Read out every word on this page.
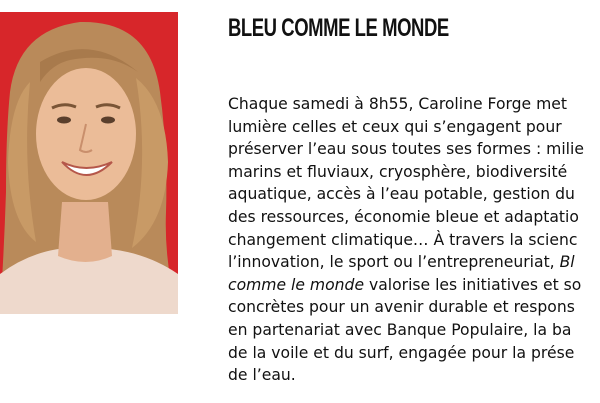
BLEU COMME LE MONDE
Chaque samedi à 8h55, Caroline Forge met
lumière celles et ceux qui s’engagent pour
préserver l’eau sous toutes ses formes : milie
marins et fluviaux, cryosphère, biodiversité
aquatique, accès à l’eau potable, gestion du
des ressources, économie bleue et adaptatio
changement climatique… À travers la scienc
l’innovation, le sport ou l’entrepreneuriat, Bl
comme le monde valorise les initiatives et so
concrètes pour un avenir durable et respons
en partenariat avec Banque Populaire, la ba
de la voile et du surf, engagée pour la prése
de l’eau.
